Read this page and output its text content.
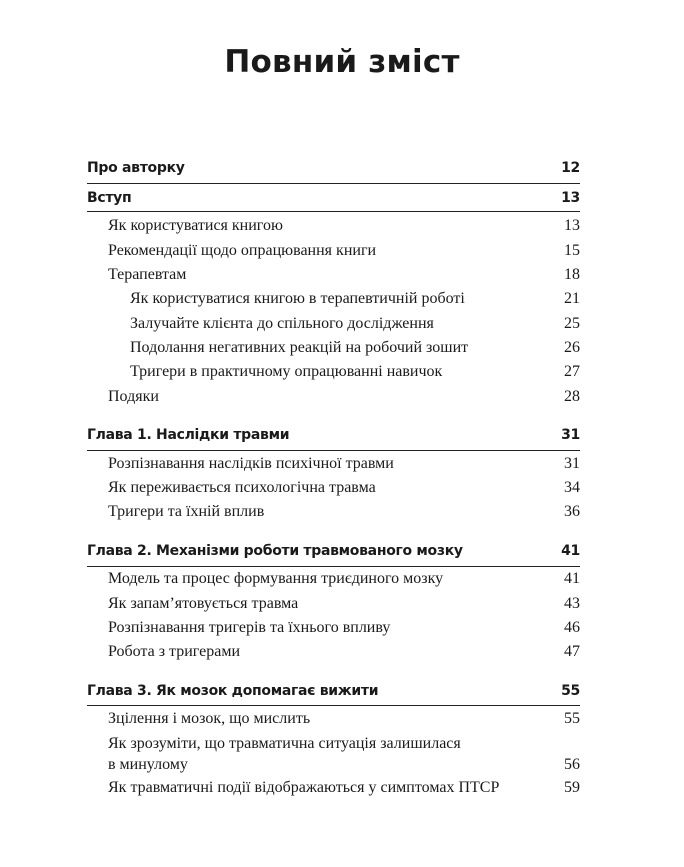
Повний зміст
Про авторку	12
Вступ	13
Як користуватися книгою	13
Рекомендації щодо опрацювання книги	15
Терапевтам	18
Як користуватися книгою в терапевтичній роботі	21
Залучайте клієнта до спільного дослідження	25
Подолання негативних реакцій на робочий зошит	26
Тригери в практичному опрацюванні навичок	27
Подяки	28
Глава 1. Наслідки травми	31
Розпізнавання наслідків психічної травми	31
Як переживається психологічна травма	34
Тригери та їхній вплив	36
Глава 2. Механізми роботи травмованого мозку	41
Модель та процес формування триєдиного мозку	41
Як запам’ятовується травма	43
Розпізнавання тригерів та їхнього впливу	46
Робота з тригерами	47
Глава 3. Як мозок допомагає вижити	55
Зцілення і мозок, що мислить	55
Як зрозуміти, що травматична ситуація залишилася
в минулому	56
Як травматичні події відображаються у симптомах ПТСР	59
